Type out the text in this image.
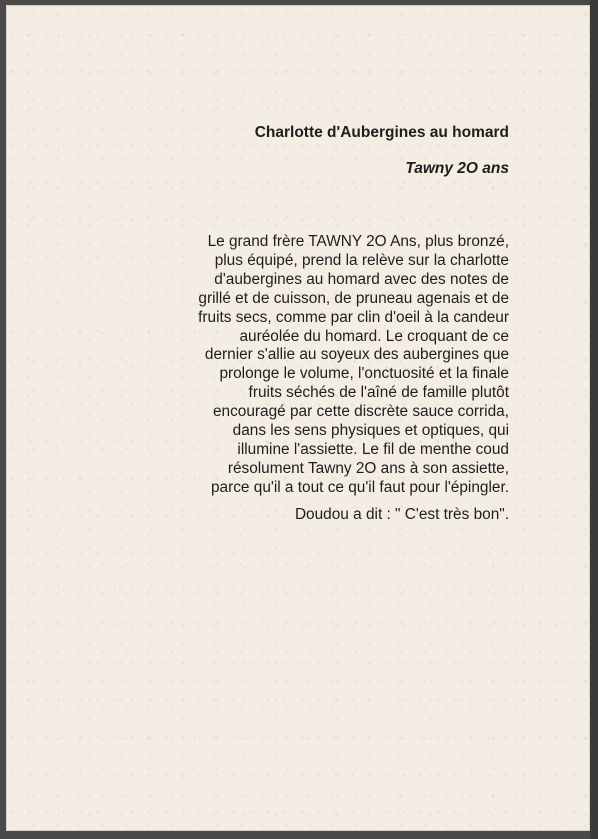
Charlotte d'Aubergines au homard
Tawny 2O ans
Le grand frère TAWNY 2O Ans, plus bronzé,
plus équipé, prend la relève sur la charlotte
d'aubergines au homard avec des notes de
grillé et de cuisson, de pruneau agenais et de
fruits secs, comme par clin d'oeil à la candeur
auréolée du homard. Le croquant de ce
dernier s'allie au soyeux des aubergines que
prolonge le volume, l'onctuosité et la finale
fruits séchés de l'aîné de famille plutôt
encouragé par cette discrète sauce corrida,
dans les sens physiques et optiques, qui
illumine l'assiette. Le fil de menthe coud
résolument Tawny 2O ans à son assiette,
parce qu'il a tout ce qu'il faut pour l'épingler.
Doudou a dit : " C'est très bon".
